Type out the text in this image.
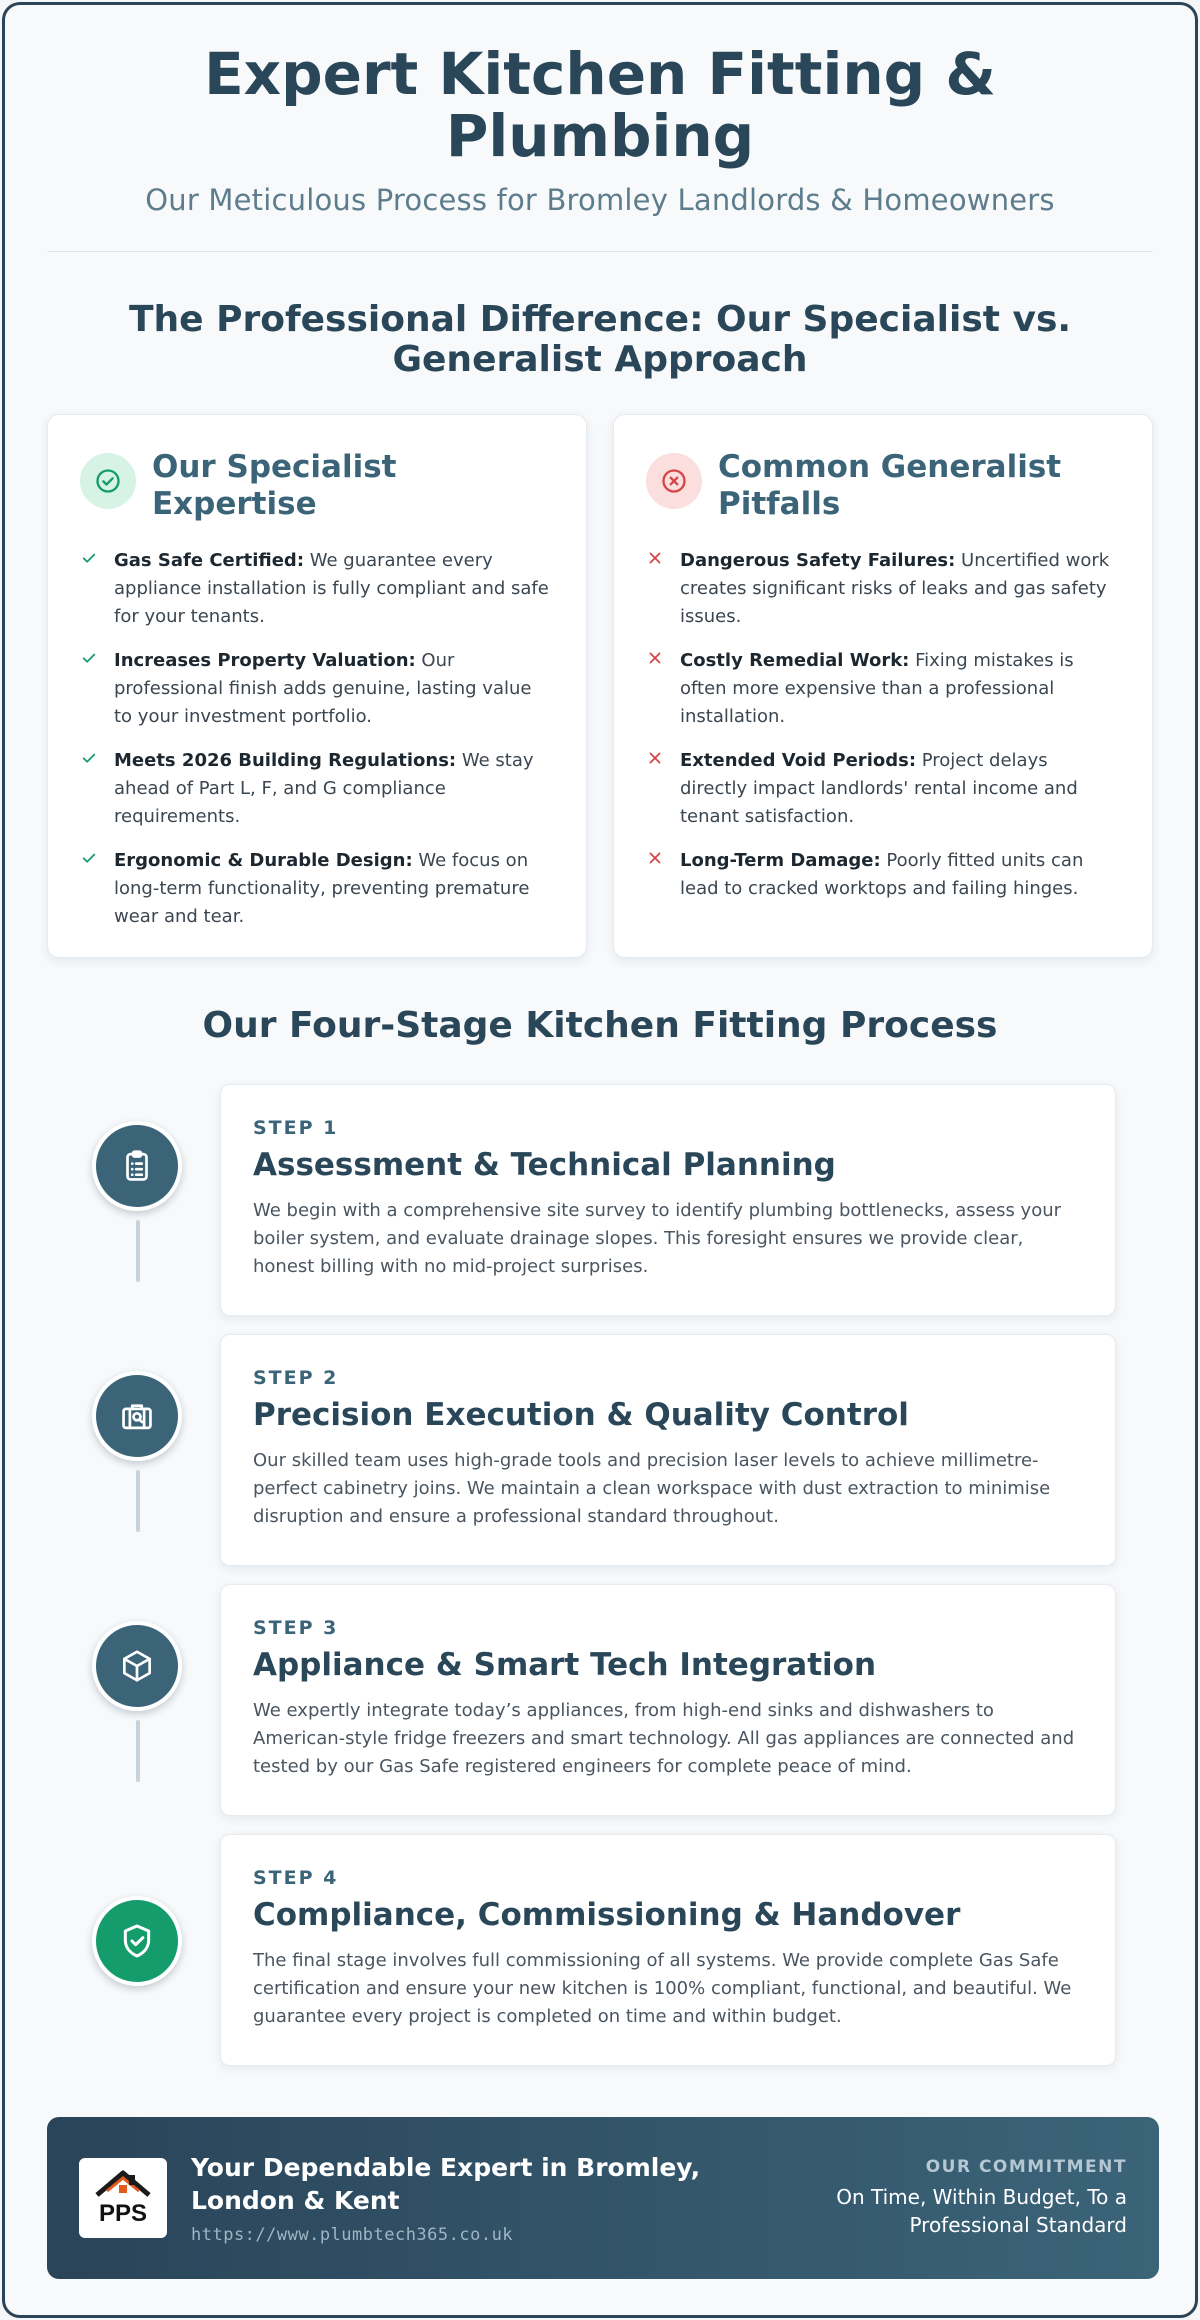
Expert Kitchen Fitting & Plumbing
Our Meticulous Process for Bromley Landlords & Homeowners
The Professional Difference: Our Specialist vs. Generalist Approach
Our Specialist Expertise
Gas Safe Certified: We guarantee every appliance installation is fully compliant and safe for your tenants.
Increases Property Valuation: Our professional finish adds genuine, lasting value to your investment portfolio.
Meets 2026 Building Regulations: We stay ahead of Part L, F, and G compliance requirements.
Ergonomic & Durable Design: We focus on long-term functionality, preventing premature wear and tear.
Common Generalist Pitfalls
Dangerous Safety Failures: Uncertified work creates significant risks of leaks and gas safety issues.
Costly Remedial Work: Fixing mistakes is often more expensive than a professional installation.
Extended Void Periods: Project delays directly impact landlords' rental income and tenant satisfaction.
Long-Term Damage: Poorly fitted units can lead to cracked worktops and failing hinges.
Our Four-Stage Kitchen Fitting Process
STEP 1
Assessment & Technical Planning
We begin with a comprehensive site survey to identify plumbing bottlenecks, assess your boiler system, and evaluate drainage slopes. This foresight ensures we provide clear, honest billing with no mid-project surprises.
STEP 2
Precision Execution & Quality Control
Our skilled team uses high-grade tools and precision laser levels to achieve millimetre-perfect cabinetry joins. We maintain a clean workspace with dust extraction to minimise disruption and ensure a professional standard throughout.
STEP 3
Appliance & Smart Tech Integration
We expertly integrate today’s appliances, from high-end sinks and dishwashers to American-style fridge freezers and smart technology. All gas appliances are connected and tested by our Gas Safe registered engineers for complete peace of mind.
STEP 4
Compliance, Commissioning & Handover
The final stage involves full commissioning of all systems. We provide complete Gas Safe certification and ensure your new kitchen is 100% compliant, functional, and beautiful. We guarantee every project is completed on time and within budget.
PPS
Your Dependable Expert in Bromley, London & Kent
https://www.plumbtech365.co.uk
OUR COMMITMENT
On Time, Within Budget, To a Professional Standard
